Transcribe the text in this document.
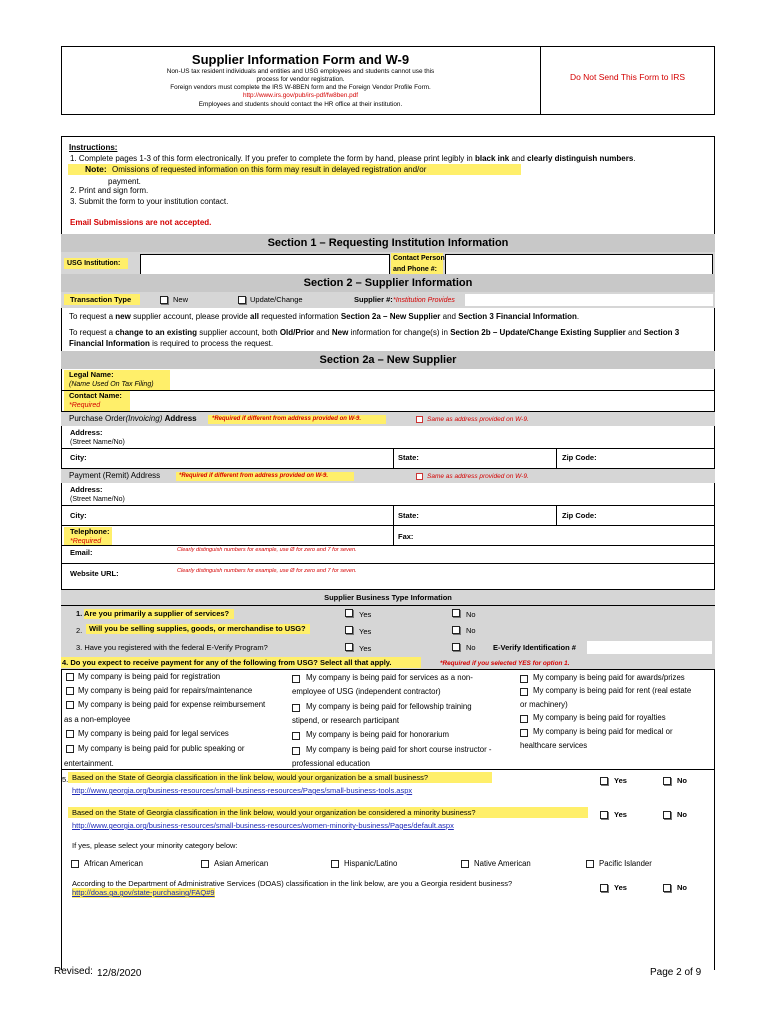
Supplier Information Form and W-9
Non-US tax resident individuals and entities and USG employees and students cannot use this
process for vendor registration.
Foreign vendors must complete the IRS W-8BEN form and the Foreign Vendor Profile Form.
http://www.irs.gov/pub/irs-pdf/fw8ben.pdf
Employees and students should contact the HR office at their institution.
Do Not Send This Form to IRS
Instructions:
1. Complete pages 1-3 of this form electronically. If you prefer to complete the form by hand, please print legibly in black ink and clearly distinguish numbers.
Note: Omissions of requested information on this form may result in delayed registration and/or
payment.
2. Print and sign form.
3. Submit the form to your institution contact.
Email Submissions are not accepted.
Section 1 – Requesting Institution Information
USG Institution:
Contact Person
and Phone #:
Section 2 – Supplier Information
Transaction Type	New	Update/Change	Supplier #: *Institution Provides
To request a new supplier account, please provide all requested information Section 2a – New Supplier and Section 3 Financial Information.
To request a change to an existing supplier account, both Old/Prior and New information for change(s) in Section 2b – Update/Change Existing Supplier and Section 3 Financial Information is required to process the request.
Section 2a – New Supplier
Legal Name:
(Name Used On Tax Filing)
Contact Name:
*Required
Purchase Order(Invoicing) Address	*Required if different from address provided on W-9.	Same as address provided on W-9.
Address:
(Street Name/No)
City:	State:	Zip Code:
Payment (Remit) Address	*Required if different from address provided on W-9.	Same as address provided on W-9.
Address:
(Street Name/No)
City:	State:	Zip Code:
Telephone:
*Required
Fax:
Email:	Clearly distinguish numbers for example, use Ø for zero and 7 for seven.
Website URL:	Clearly distinguish numbers for example, use Ø for zero and 7 for seven.
Supplier Business Type Information
1. Are you primarily a supplier of services?	Yes	No
2. Will you be selling supplies, goods, or merchandise to USG?	Yes	No
3. Have you registered with the federal E-Verify Program?	Yes	No E-Verify Identification #
4. Do you expect to receive payment for any of the following from USG? Select all that apply.	*Required if you selected YES for option 1.
My company is being paid for registration
My company is being paid for repairs/maintenance
My company is being paid for expense reimbursement
as a non-employee
My company is being paid for legal services
My company is being paid for public speaking or
entertainment.
My company is being paid for services as a non-
employee of USG (independent contractor)
My company is being paid for fellowship training
stipend, or research participant
My company is being paid for honorarium
My company is being paid for short course instructor -
professional education
My company is being paid for awards/prizes
My company is being paid for rent (real estate
or machinery)
My company is being paid for royalties
My company is being paid for medical or
healthcare services
5. Based on the State of Georgia classification in the link below, would your organization be a small business?
http://www.georgia.org/business-resources/small-business-resources/Pages/small-business-tools.aspx
Yes	No
Based on the State of Georgia classification in the link below, would your organization be considered a minority business?
http://www.georgia.org/business-resources/small-business-resources/women-minority-business/Pages/default.aspx
Yes	No
If yes, please select your minority category below:
African American	Asian American	Hispanic/Latino	Native American	Pacific Islander
According to the Department of Administrative Services (DOAS) classification in the link below, are you a Georgia resident business?
http://doas.ga.gov/state-purchasing/FAQ#9
Yes	No
Revised: 12/8/2020	Page 2 of 9
